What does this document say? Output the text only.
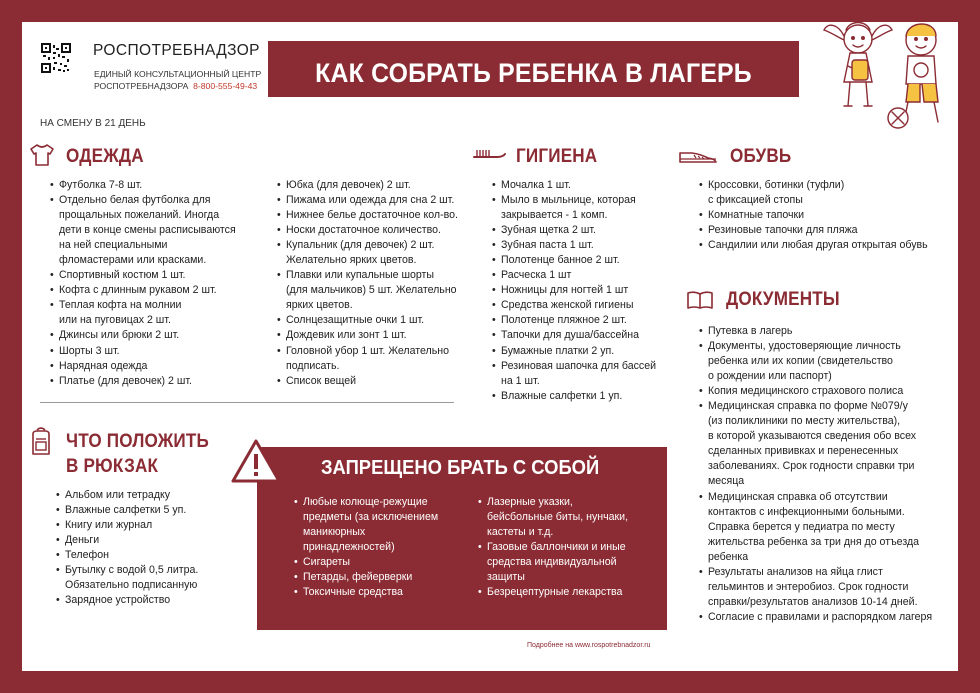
РОСПОТРЕБНАДЗОР
ЕДИНЫЙ КОНСУЛЬТАЦИОННЫЙ ЦЕНТР
РОСПОТРЕБНАДЗОРА 8-800-555-49-43
НА СМЕНУ В 21 ДЕНЬ
КАК СОБРАТЬ РЕБЕНКА В ЛАГЕРЬ
ОДЕЖДА
• Футболка 7-8 шт.
• Отдельно белая футболка для
прощальных пожеланий. Иногда
дети в конце смены расписываются
на ней специальными
фломастерами или красками.
• Спортивный костюм 1 шт.
• Кофта с длинным рукавом 2 шт.
• Теплая кофта на молнии
или на пуговицах 2 шт.
• Джинсы или брюки 2 шт.
• Шорты 3 шт.
• Нарядная одежда
• Платье (для девочек) 2 шт.
• Юбка (для девочек) 2 шт.
• Пижама или одежда для сна 2 шт.
• Нижнее белье достаточное кол-во.
• Носки достаточное количество.
• Купальник (для девочек) 2 шт.
Желательно ярких цветов.
• Плавки или купальные шорты
(для мальчиков) 5 шт. Желательно
ярких цветов.
• Солнцезащитные очки 1 шт.
• Дождевик или зонт 1 шт.
• Головной убор 1 шт. Желательно
подписать.
• Список вещей
ГИГИЕНА
• Мочалка 1 шт.
• Мыло в мыльнице, которая
закрывается - 1 комп.
• Зубная щетка 2 шт.
• Зубная паста 1 шт.
• Полотенце банное 2 шт.
• Расческа 1 шт
• Ножницы для ногтей 1 шт
• Средства женской гигиены
• Полотенце пляжное 2 шт.
• Тапочки для душа/бассейна
• Бумажные платки 2 уп.
• Резиновая шапочка для бассей
на 1 шт.
• Влажные салфетки 1 уп.
ОБУВЬ
• Кроссовки, ботинки (туфли)
с фиксацией стопы
• Комнатные тапочки
• Резиновые тапочки для пляжа
• Сандилии или любая другая открытая обувь
ДОКУМЕНТЫ
• Путевка в лагерь
• Документы, удостоверяющие личность
ребенка или их копии (свидетельство
о рождении или паспорт)
• Копия медицинского страхового полиса
• Медицинская справка по форме №079/у
(из поликлиники по месту жительства),
в которой указываются сведения обо всех
сделанных прививках и перенесенных
заболеваниях. Срок годности справки три
месяца
• Медицинская справка об отсутствии
контактов с инфекционными больными.
Справка берется у педиатра по месту
жительства ребенка за три дня до отъезда
ребенка
• Результаты анализов на яйца глист
гельминтов и энтеробиоз. Срок годности
справки/результатов анализов 10-14 дней.
• Согласие с правилами и распорядком лагеря
ЧТО ПОЛОЖИТЬ
В РЮКЗАК
• Альбом или тетрадку
• Влажные салфетки 5 уп.
• Книгу или журнал
• Деньги
• Телефон
• Бутылку с водой 0,5 литра.
Обязательно подписанную
• Зарядное устройство
ЗАПРЕЩЕНО БРАТЬ С СОБОЙ
• Любые колюще-режущие
предметы (за исключением
маникюрных
принадлежностей)
• Сигареты
• Петарды, фейерверки
• Токсичные средства
• Лазерные указки,
бейсбольные биты, нунчаки,
кастеты и т.д.
• Газовые баллончики и иные
средства индивидуальной
защиты
• Безрецептурные лекарства
Подробнее на www.rospotrebnadzor.ru
